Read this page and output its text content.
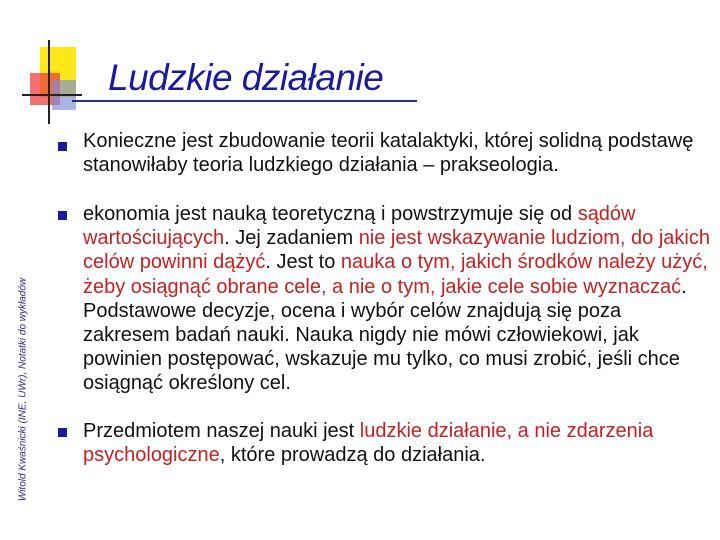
Ludzkie działanie
Witold Kwaśnicki (INE, UWr), Notatki do wykładów
Konieczne jest zbudowanie teorii katalaktyki, której solidną podstawę stanowiłaby teoria ludzkiego działania – prakseologia.
ekonomia jest nauką teoretyczną i powstrzymuje się od sądów wartościujących. Jej zadaniem nie jest wskazywanie ludziom, do jakich celów powinni dążyć. Jest to nauka o tym, jakich środków należy użyć, żeby osiągnąć obrane cele, a nie o tym, jakie cele sobie wyznaczać. Podstawowe decyzje, ocena i wybór celów znajdują się poza zakresem badań nauki. Nauka nigdy nie mówi człowiekowi, jak powinien postępować, wskazuje mu tylko, co musi zrobić, jeśli chce osiągnąć określony cel.
Przedmiotem naszej nauki jest ludzkie działanie, a nie zdarzenia psychologiczne, które prowadzą do działania.
